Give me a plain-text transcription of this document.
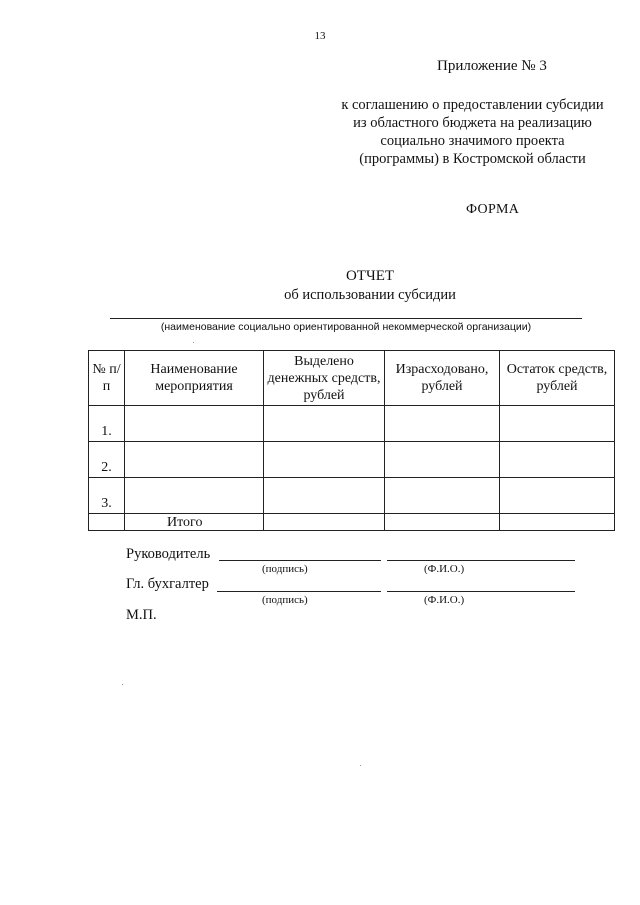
13
Приложение № 3
к соглашению о предоставлении субсидии из областного бюджета на реализацию социально значимого проекта (программы) в Костромской области
ФОРМА
ОТЧЕТ
об использовании субсидии
(наименование социально ориентированной некоммерческой организации)
№ п/п	Наименование мероприятия	Выделено денежных средств, рублей	Израсходовано, рублей	Остаток средств, рублей
1.				
2.				
3.				
	Итого			
Руководитель
(подпись)	(Ф.И.О.)
Гл. бухгалтер
(подпись)	(Ф.И.О.)
М.П.
